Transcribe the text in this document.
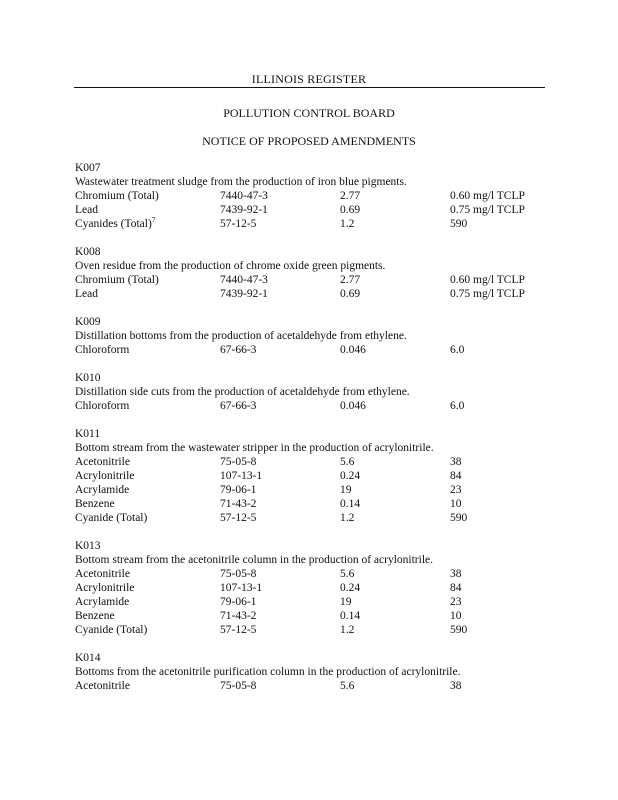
ILLINOIS REGISTER
POLLUTION CONTROL BOARD
NOTICE OF PROPOSED AMENDMENTS
K007
Wastewater treatment sludge from the production of iron blue pigments.
Chromium (Total)	7440-47-3	2.77	0.60 mg/l TCLP
Lead	7439-92-1	0.69	0.75 mg/l TCLP
Cyanides (Total)$^7$	57-12-5	1.2	590
K008
Oven residue from the production of chrome oxide green pigments.
Chromium (Total)	7440-47-3	2.77	0.60 mg/l TCLP
Lead	7439-92-1	0.69	0.75 mg/l TCLP
K009
Distillation bottoms from the production of acetaldehyde from ethylene.
Chloroform	67-66-3	0.046	6.0
K010
Distillation side cuts from the production of acetaldehyde from ethylene.
Chloroform	67-66-3	0.046	6.0
K011
Bottom stream from the wastewater stripper in the production of acrylonitrile.
Acetonitrile	75-05-8	5.6	38
Acrylonitrile	107-13-1	0.24	84
Acrylamide	79-06-1	19	23
Benzene	71-43-2	0.14	10
Cyanide (Total)	57-12-5	1.2	590
K013
Bottom stream from the acetonitrile column in the production of acrylonitrile.
Acetonitrile	75-05-8	5.6	38
Acrylonitrile	107-13-1	0.24	84
Acrylamide	79-06-1	19	23
Benzene	71-43-2	0.14	10
Cyanide (Total)	57-12-5	1.2	590
K014
Bottoms from the acetonitrile purification column in the production of acrylonitrile.
Acetonitrile	75-05-8	5.6	38
